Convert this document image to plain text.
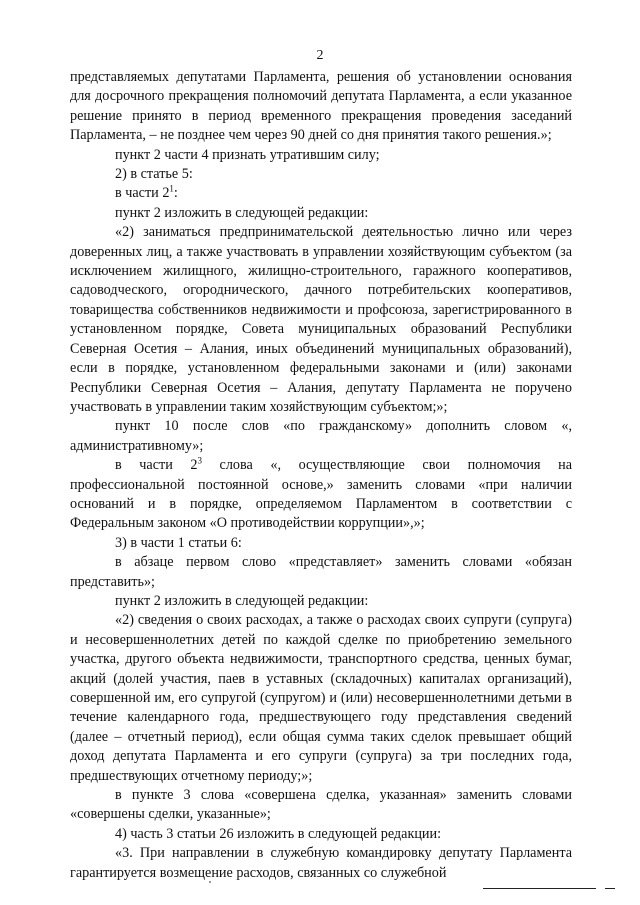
2

представляемых депутатами Парламента, решения об установлении основания для досрочного прекращения полномочий депутата Парламента, а если указанное решение принято в период временного прекращения проведения заседаний Парламента, – не позднее чем через 90 дней со дня принятия такого решения.»;

пункт 2 части 4 признать утратившим силу;

2) в статье 5:

в части $2^1$:

пункт 2 изложить в следующей редакции:

«2) заниматься предпринимательской деятельностью лично или через доверенных лиц, а также участвовать в управлении хозяйствующим субъектом (за исключением жилищного, жилищно-строительного, гаражного кооперативов, садоводческого, огороднического, дачного потребительских кооперативов, товарищества собственников недвижимости и профсоюза, зарегистрированного в установленном порядке, Совета муниципальных образований Республики Северная Осетия – Алания, иных объединений муниципальных образований), если в порядке, установленном федеральными законами и (или) законами Республики Северная Осетия – Алания, депутату Парламента не поручено участвовать в управлении таким хозяйствующим субъектом;»;

пункт 10 после слов «по гражданскому» дополнить словом «, административному»;

в части $2^3$ слова «, осуществляющие свои полномочия на профессиональной постоянной основе,» заменить словами «при наличии оснований и в порядке, определяемом Парламентом в соответствии с Федеральным законом «О противодействии коррупции»,»;

3) в части 1 статьи 6:

в абзаце первом слово «представляет» заменить словами «обязан представить»;

пункт 2 изложить в следующей редакции:

«2) сведения о своих расходах, а также о расходах своих супруги (супруга) и несовершеннолетних детей по каждой сделке по приобретению земельного участка, другого объекта недвижимости, транспортного средства, ценных бумаг, акций (долей участия, паев в уставных (складочных) капиталах организаций), совершенной им, его супругой (супругом) и (или) несовершеннолетними детьми в течение календарного года, предшествующего году представления сведений (далее – отчетный период), если общая сумма таких сделок превышает общий доход депутата Парламента и его супруги (супруга) за три последних года, предшествующих отчетному периоду;»;

в пункте 3 слова «совершена сделка, указанная» заменить словами «совершены сделки, указанные»;

4) часть 3 статьи 26 изложить в следующей редакции:

«3. При направлении в служебную командировку депутату Парламента гарантируется возмещение расходов, связанных со служебной
